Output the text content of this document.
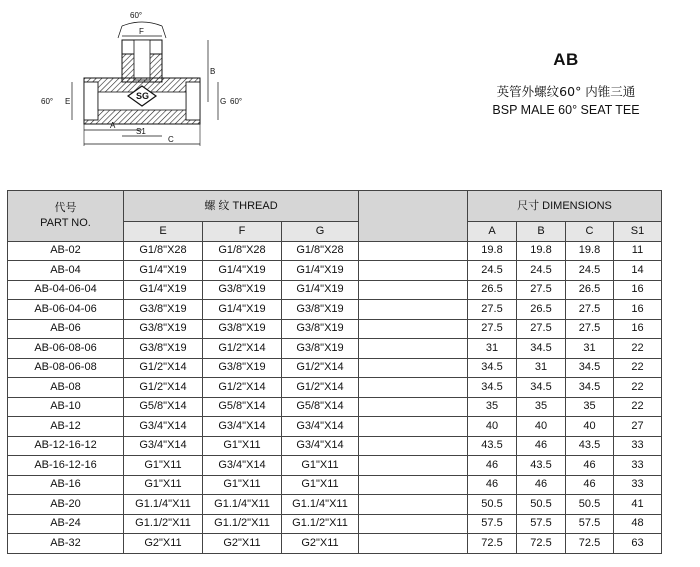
60°
F
SG
60° E
B
G 60°
A
S1
C
AB
英管外螺纹60° 内锥三通
BSP MALE 60° SEAT TEE
代号
PART NO.	螺 纹 THREAD				尺寸 DIMENSIONS			
	E	F	G		A	B	C	S1
AB-02	G1/8"X28	G1/8"X28	G1/8"X28		19.8	19.8	19.8	11
AB-04	G1/4"X19	G1/4"X19	G1/4"X19		24.5	24.5	24.5	14
AB-04-06-04	G1/4"X19	G3/8"X19	G1/4"X19		26.5	27.5	26.5	16
AB-06-04-06	G3/8"X19	G1/4"X19	G3/8"X19		27.5	26.5	27.5	16
AB-06	G3/8"X19	G3/8"X19	G3/8"X19		27.5	27.5	27.5	16
AB-06-08-06	G3/8"X19	G1/2"X14	G3/8"X19		31	34.5	31	22
AB-08-06-08	G1/2"X14	G3/8"X19	G1/2"X14		34.5	31	34.5	22
AB-08	G1/2"X14	G1/2"X14	G1/2"X14		34.5	34.5	34.5	22
AB-10	G5/8"X14	G5/8"X14	G5/8"X14		35	35	35	22
AB-12	G3/4"X14	G3/4"X14	G3/4"X14		40	40	40	27
AB-12-16-12	G3/4"X14	G1"X11	G3/4"X14		43.5	46	43.5	33
AB-16-12-16	G1"X11	G3/4"X14	G1"X11		46	43.5	46	33
AB-16	G1"X11	G1"X11	G1"X11		46	46	46	33
AB-20	G1.1/4"X11	G1.1/4"X11	G1.1/4"X11		50.5	50.5	50.5	41
AB-24	G1.1/2"X11	G1.1/2"X11	G1.1/2"X11		57.5	57.5	57.5	48
AB-32	G2"X11	G2"X11	G2"X11		72.5	72.5	72.5	63
